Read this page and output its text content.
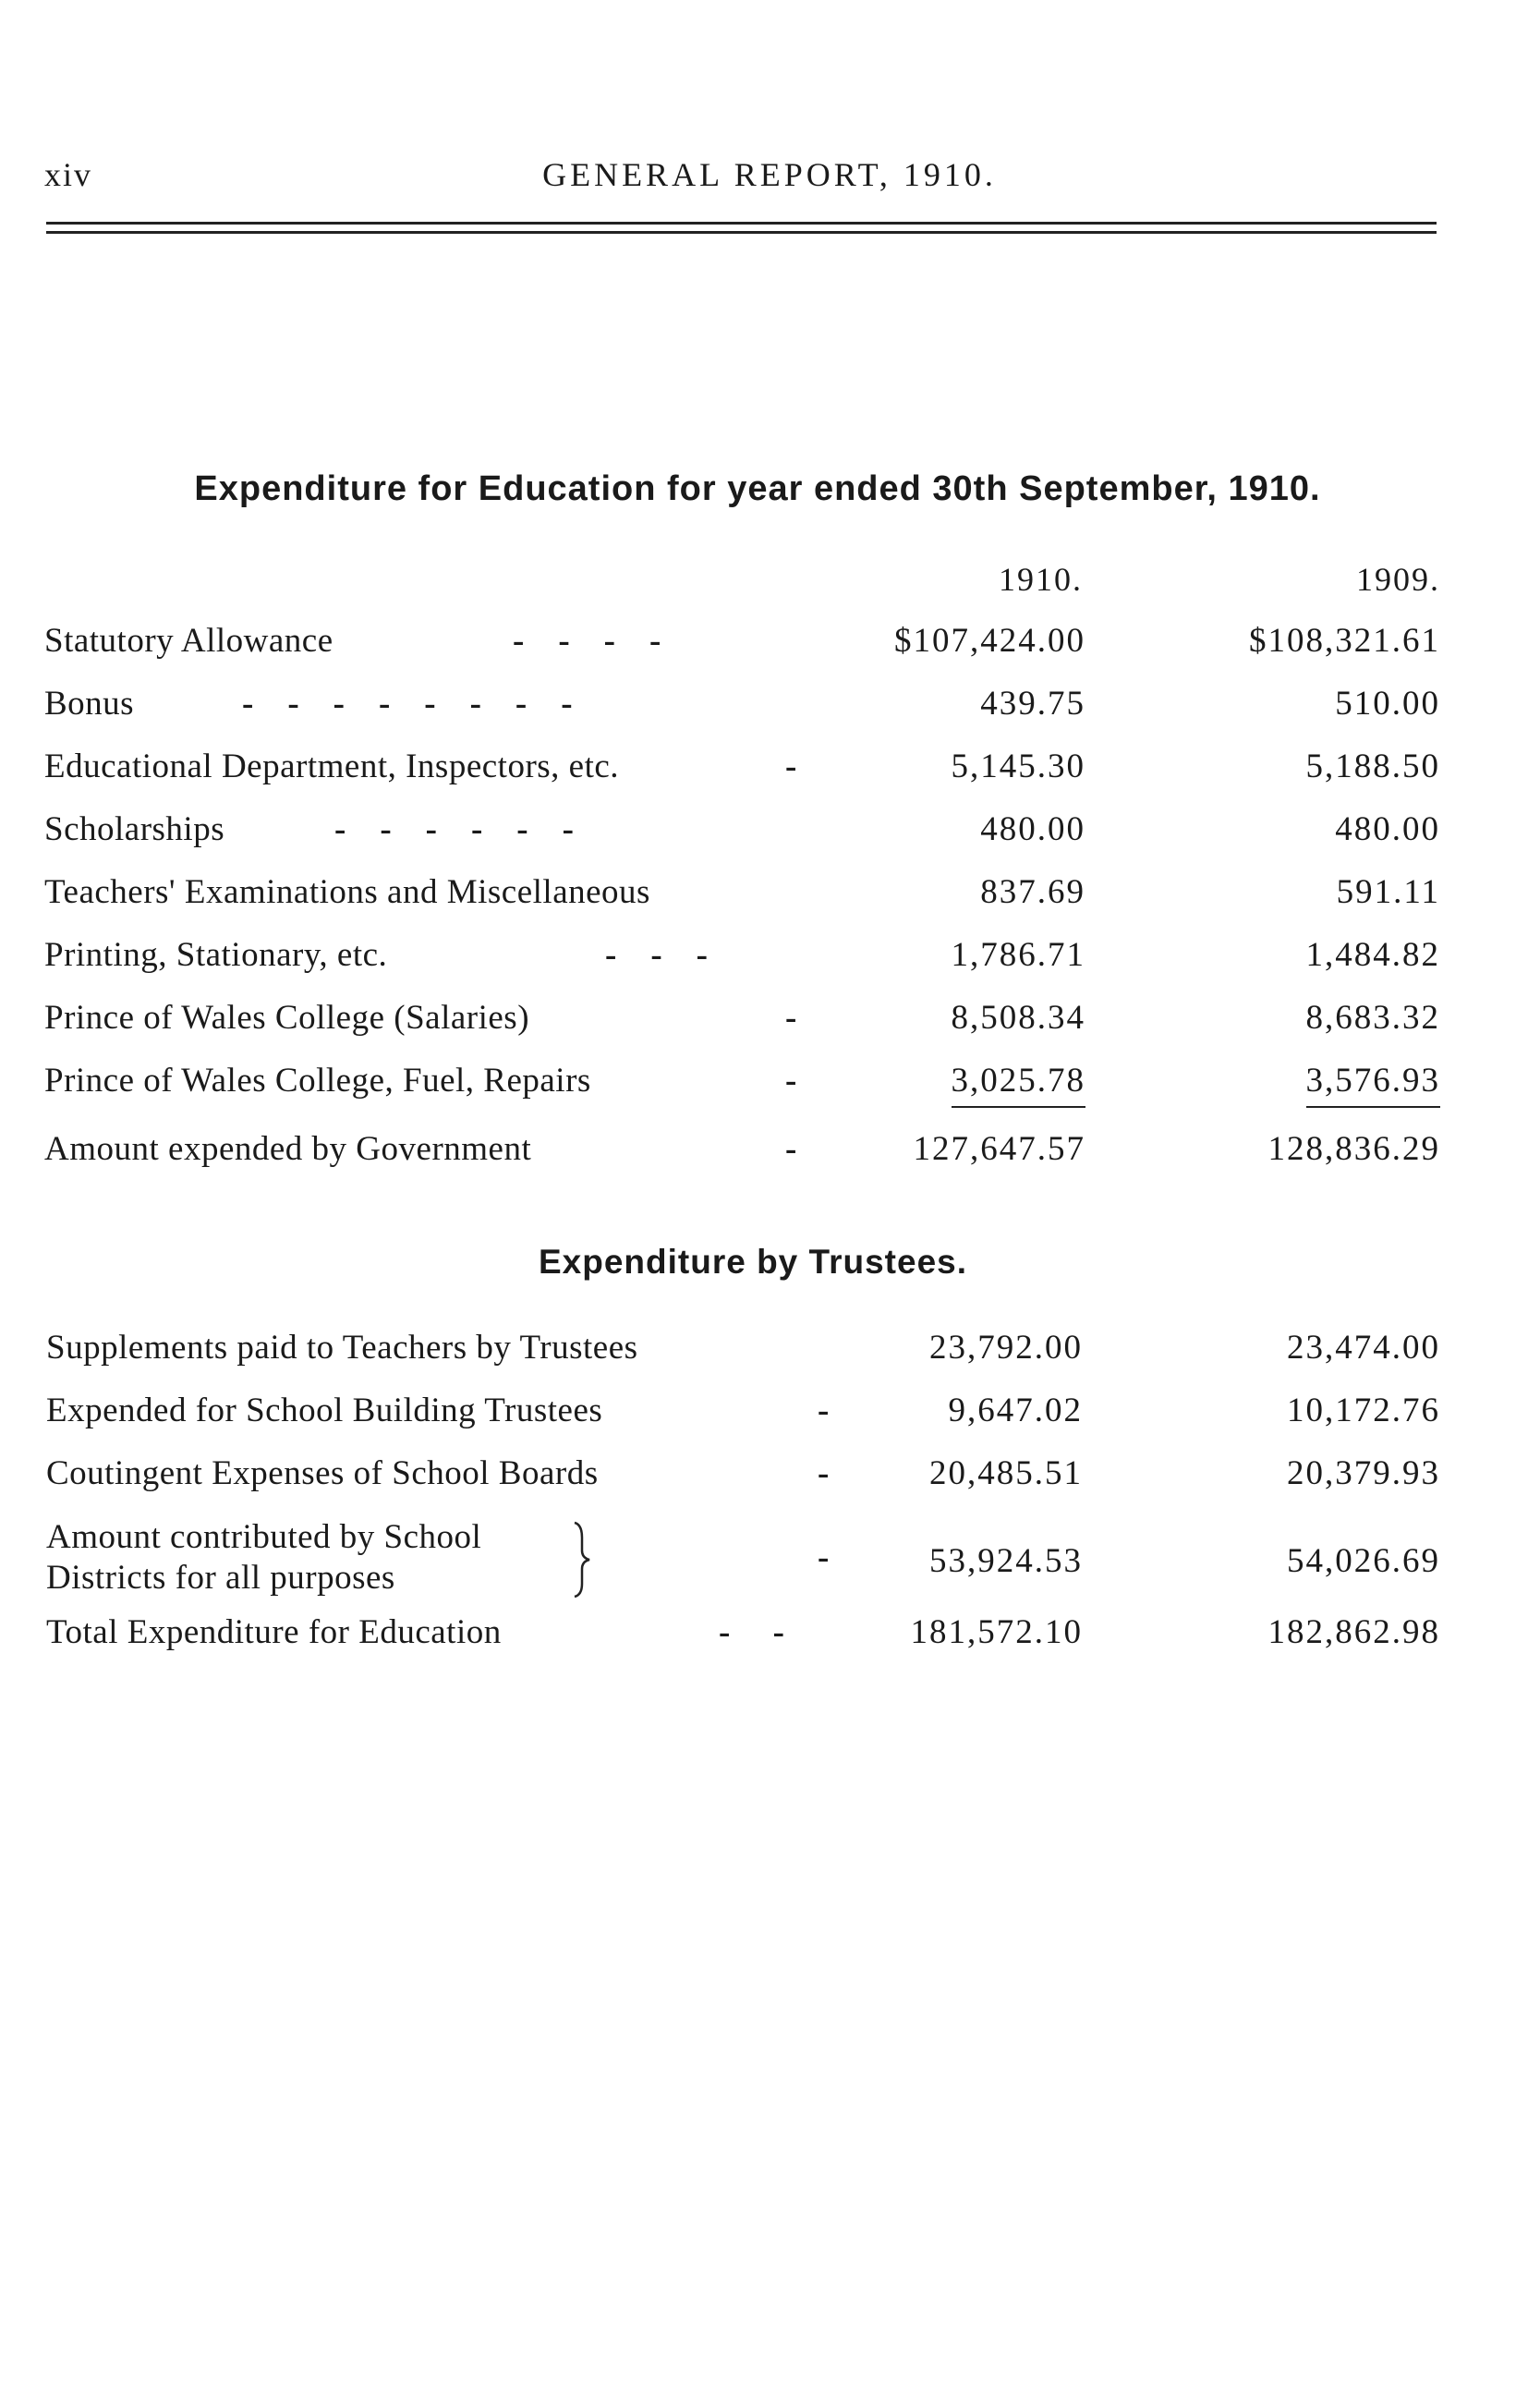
xiv	GENERAL REPORT, 1910.
Expenditure for Education for year ended 30th September, 1910.
1910.	1909.
Statutory Allowance	-    -    -    -	$107,424.00	$108,321.61
Bonus	-    -    -    -    -    -    -    -	439.75	510.00
Educational Department, Inspectors, etc.	-	5,145.30	5,188.50
Scholarships	-    -    -    -    -    -	480.00	480.00
Teachers' Examinations and Miscellaneous	837.69	591.11
Printing, Stationary, etc.	-    -    -	1,786.71	1,484.82
Prince of Wales College (Salaries)	-	8,508.34	8,683.32
Prince of Wales College, Fuel, Repairs	-	3,025.78	3,576.93
Amount expended by Government	-	127,647.57	128,836.29
Expenditure by Trustees.
Supplements paid to Teachers by Trustees	23,792.00	23,474.00
Expended for School Building Trustees	-	9,647.02	10,172.76
Coutingent Expenses of School Boards	-	20,485.51	20,379.93
Amount contributed by School
Districts for all purposes
-	53,924.53	54,026.69
Total Expenditure for Education	-     -	181,572.10	182,862.98
